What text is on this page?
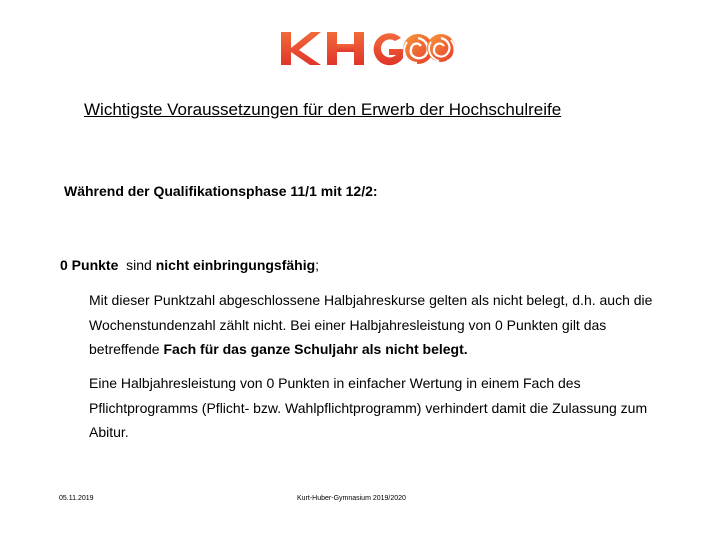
Wichtigste Voraussetzungen für den Erwerb der Hochschulreife
Während der Qualifikationsphase 11/1 mit 12/2:
0 Punkte sind nicht einbringungsfähig;
Mit dieser Punktzahl abgeschlossene Halbjahreskurse gelten als nicht belegt, d.h. auch die Wochenstundenzahl zählt nicht. Bei einer Halbjahresleistung von 0 Punkten gilt das betreffende Fach für das ganze Schuljahr als nicht belegt.
Eine Halbjahresleistung von 0 Punkten in einfacher Wertung in einem Fach des Pflichtprogramms (Pflicht- bzw. Wahlpflichtprogramm) verhindert damit die Zulassung zum Abitur.
05.11.2019	Kurt-Huber-Gymnasium 2019/2020
